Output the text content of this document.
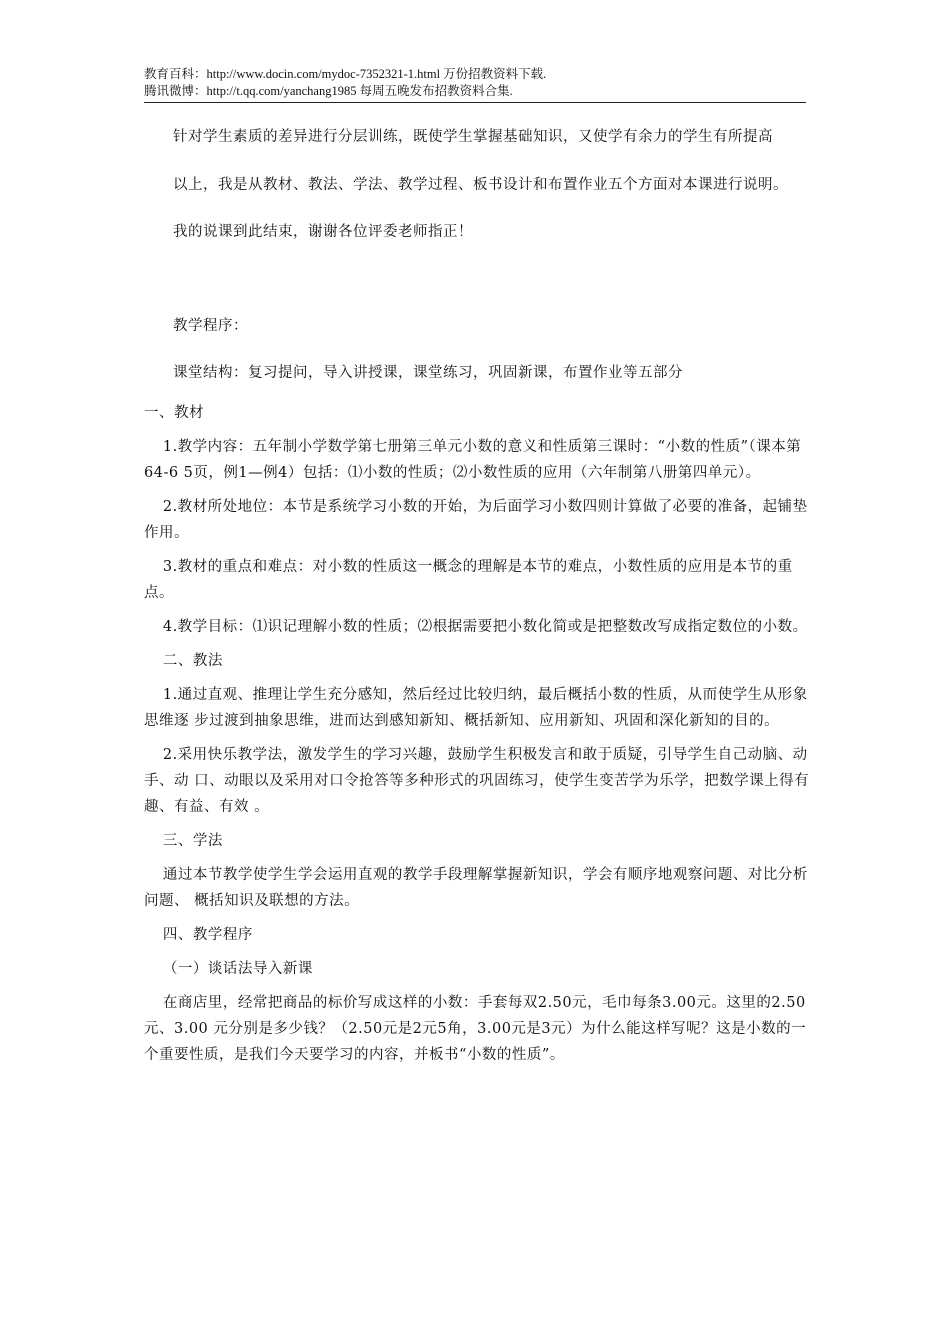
教育百科：http://www.docin.com/mydoc-7352321-1.html 万份招教资料下载.
腾讯微博：http://t.qq.com/yanchang1985 每周五晚发布招教资料合集.

针对学生素质的差异进行分层训练，既使学生掌握基础知识，又使学有余力的学生有所提高

以上，我是从教材、教法、学法、教学过程、板书设计和布置作业五个方面对本课进行说明。

我的说课到此结束，谢谢各位评委老师指正！

教学程序：

课堂结构：复习提问，导入讲授课，课堂练习，巩固新课，布置作业等五部分

一、教材

1.教学内容：五年制小学数学第七册第三单元小数的意义和性质第三课时：“小数的性质”（课本第64-6 5页，例1—例4）包括：⑴小数的性质；⑵小数性质的应用（六年制第八册第四单元）。

2.教材所处地位：本节是系统学习小数的开始，为后面学习小数四则计算做了必要的准备，起铺垫作用。

3.教材的重点和难点：对小数的性质这一概念的理解是本节的难点，小数性质的应用是本节的重点。

4.教学目标：⑴识记理解小数的性质；⑵根据需要把小数化简或是把整数改写成指定数位的小数。

二、教法

1.通过直观、推理让学生充分感知，然后经过比较归纳，最后概括小数的性质，从而使学生从形象思维逐 步过渡到抽象思维，进而达到感知新知、概括新知、应用新知、巩固和深化新知的目的。

2.采用快乐教学法，激发学生的学习兴趣，鼓励学生积极发言和敢于质疑，引导学生自己动脑、动手、动 口、动眼以及采用对口令抢答等多种形式的巩固练习，使学生变苦学为乐学，把数学课上得有趣、有益、有效 。

三、学法

通过本节教学使学生学会运用直观的教学手段理解掌握新知识，学会有顺序地观察问题、对比分析问题、 概括知识及联想的方法。

四、教学程序

（一）谈话法导入新课

在商店里，经常把商品的标价写成这样的小数：手套每双2.50元，毛巾每条3.00元。这里的2.50元、3.00 元分别是多少钱？（2.50元是2元5角，3.00元是3元）为什么能这样写呢？这是小数的一个重要性质，是我们今天要学习的内容，并板书“小数的性质”。
